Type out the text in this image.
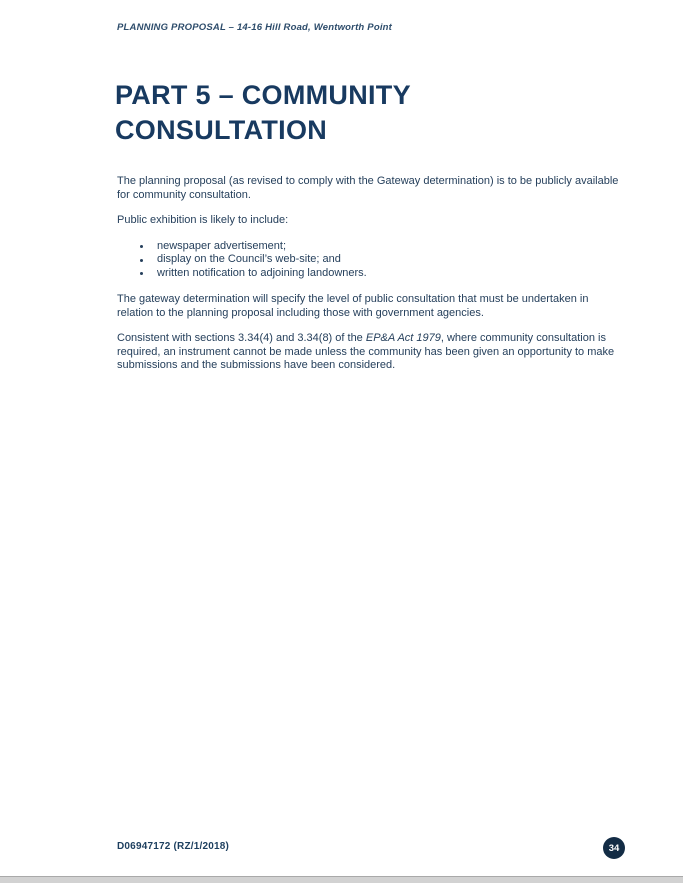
PLANNING PROPOSAL – 14-16 Hill Road, Wentworth Point
PART 5 – COMMUNITY CONSULTATION

The planning proposal (as revised to comply with the Gateway determination) is to be publicly available for community consultation.

Public exhibition is likely to include:

newspaper advertisement;
display on the Council’s web-site; and
written notification to adjoining landowners.

The gateway determination will specify the level of public consultation that must be undertaken in relation to the planning proposal including those with government agencies.

Consistent with sections 3.34(4) and 3.34(8) of the EP&A Act 1979, where community consultation is required, an instrument cannot be made unless the community has been given an opportunity to make submissions and the submissions have been considered.

D06947172 (RZ/1/2018)	34
